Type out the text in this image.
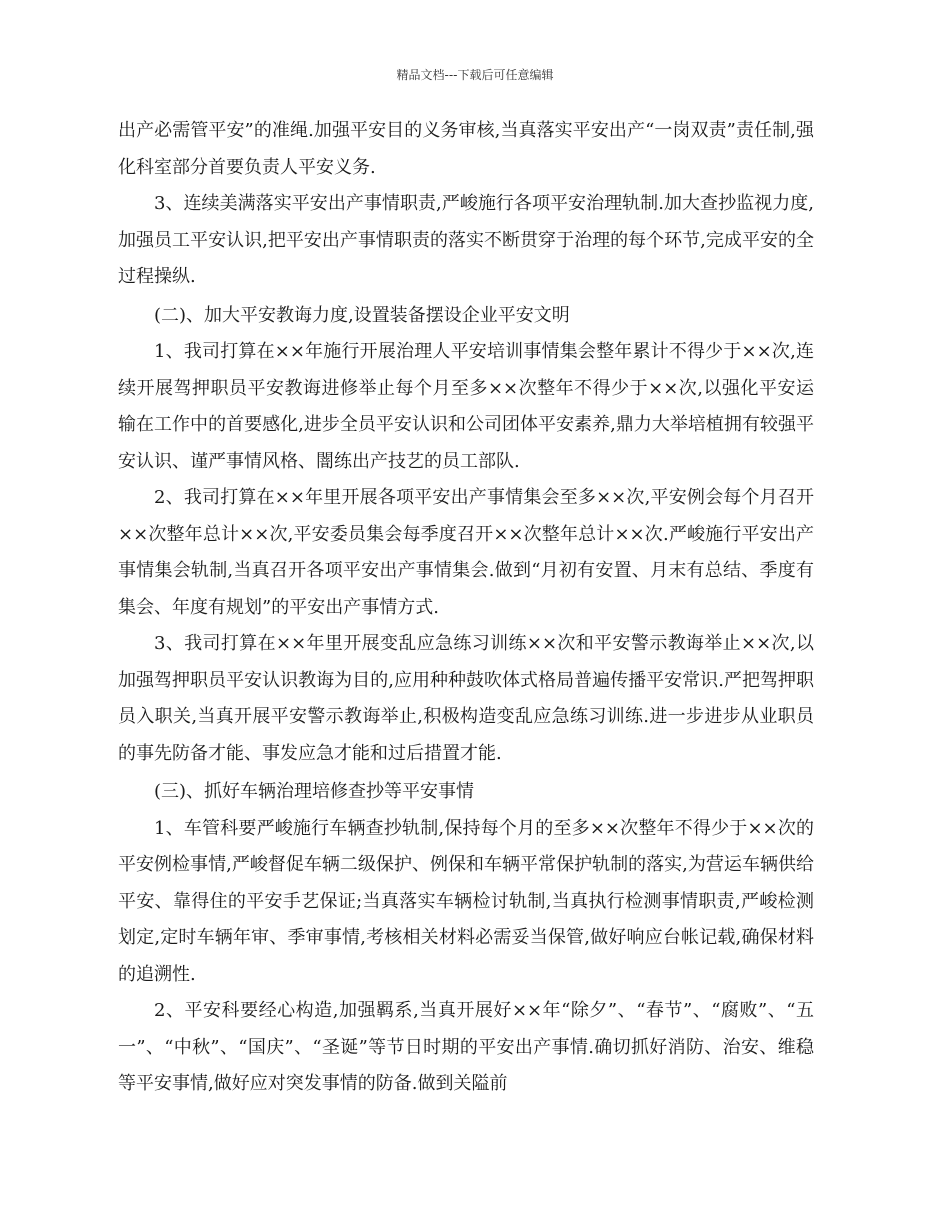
精品文档---下载后可任意编辑

出产必需管平安”的准绳.加强平安目的义务审核,当真落实平安出产“一岗双责”责任制,强化科室部分首要负责人平安义务.

3、连续美满落实平安出产事情职责,严峻施行各项平安治理轨制.加大查抄监视力度,加强员工平安认识,把平安出产事情职责的落实不断贯穿于治理的每个环节,完成平安的全过程操纵.

(二)、加大平安教诲力度,设置装备摆设企业平安文明

1、我司打算在××年施行开展治理人平安培训事情集会整年累计不得少于××次,连续开展驾押职员平安教诲进修举止每个月至多××次整年不得少于××次,以强化平安运输在工作中的首要感化,进步全员平安认识和公司团体平安素养,鼎力大举培植拥有较强平安认识、谨严事情风格、闇练出产技艺的员工部队.

2、我司打算在××年里开展各项平安出产事情集会至多××次,平安例会每个月召开××次整年总计××次,平安委员集会每季度召开××次整年总计××次.严峻施行平安出产事情集会轨制,当真召开各项平安出产事情集会.做到“月初有安置、月末有总结、季度有集会、年度有规划”的平安出产事情方式.

3、我司打算在××年里开展变乱应急练习训练××次和平安警示教诲举止××次,以加强驾押职员平安认识教诲为目的,应用种种鼓吹体式格局普遍传播平安常识.严把驾押职员入职关,当真开展平安警示教诲举止,积极构造变乱应急练习训练.进一步进步从业职员的事先防备才能、事发应急才能和过后措置才能.

(三)、抓好车辆治理培修查抄等平安事情

1、车管科要严峻施行车辆查抄轨制,保持每个月的至多××次整年不得少于××次的平安例检事情,严峻督促车辆二级保护、例保和车辆平常保护轨制的落实,为营运车辆供给平安、靠得住的平安手艺保证;当真落实车辆检讨轨制,当真执行检测事情职责,严峻检测划定,定时车辆年审、季审事情,考核相关材料必需妥当保管,做好响应台帐记载,确保材料的追溯性.

2、平安科要经心构造,加强羁系,当真开展好××年“除夕”、“春节”、“腐败”、“五一”、“中秋”、“国庆”、“圣诞”等节日时期的平安出产事情.确切抓好消防、治安、维稳等平安事情,做好应对突发事情的防备.做到关隘前
